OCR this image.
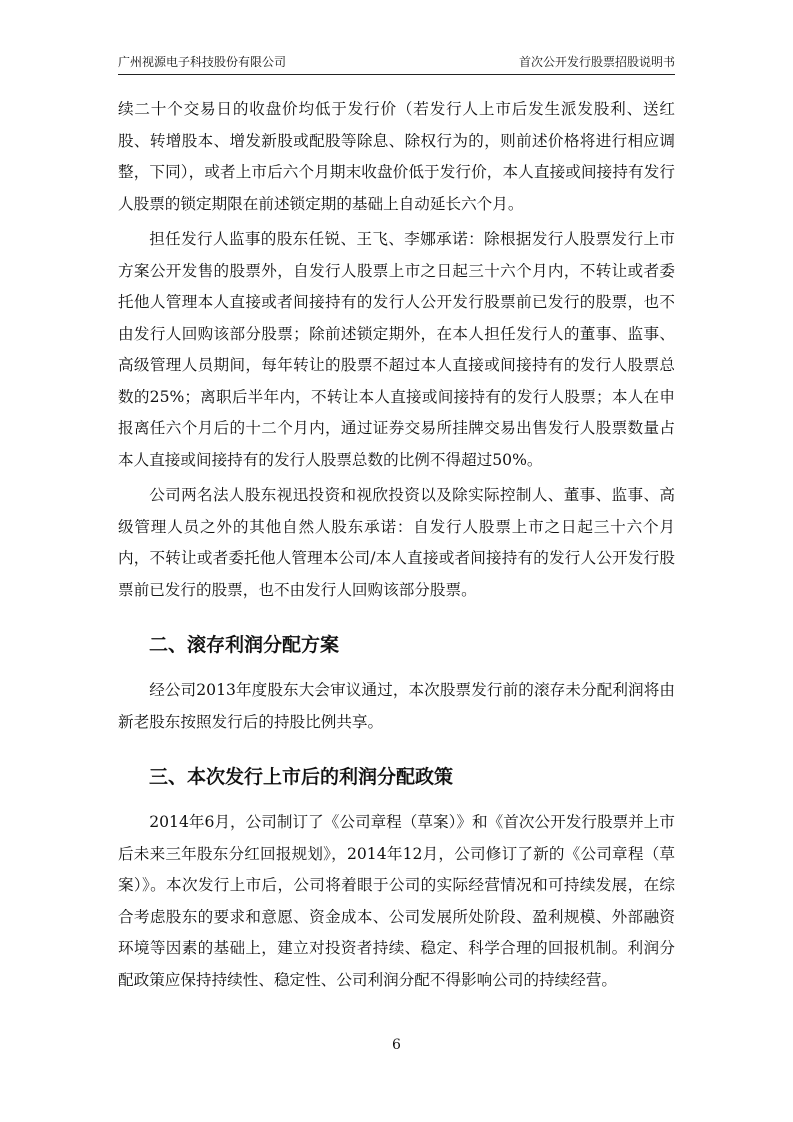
广州视源电子科技股份有限公司	首次公开发行股票招股说明书

续二十个交易日的收盘价均低于发行价（若发行人上市后发生派发股利、送红股、转增股本、增发新股或配股等除息、除权行为的，则前述价格将进行相应调整，下同），或者上市后六个月期末收盘价低于发行价，本人直接或间接持有发行人股票的锁定期限在前述锁定期的基础上自动延长六个月。

担任发行人监事的股东任锐、王飞、李娜承诺：除根据发行人股票发行上市方案公开发售的股票外，自发行人股票上市之日起三十六个月内，不转让或者委托他人管理本人直接或者间接持有的发行人公开发行股票前已发行的股票，也不由发行人回购该部分股票；除前述锁定期外，在本人担任发行人的董事、监事、高级管理人员期间，每年转让的股票不超过本人直接或间接持有的发行人股票总数的25%；离职后半年内，不转让本人直接或间接持有的发行人股票；本人在申报离任六个月后的十二个月内，通过证券交易所挂牌交易出售发行人股票数量占本人直接或间接持有的发行人股票总数的比例不得超过50%。

公司两名法人股东视迅投资和视欣投资以及除实际控制人、董事、监事、高级管理人员之外的其他自然人股东承诺：自发行人股票上市之日起三十六个月内，不转让或者委托他人管理本公司/本人直接或者间接持有的发行人公开发行股票前已发行的股票，也不由发行人回购该部分股票。

二、滚存利润分配方案

经公司2013年度股东大会审议通过，本次股票发行前的滚存未分配利润将由新老股东按照发行后的持股比例共享。

三、本次发行上市后的利润分配政策

2014年6月，公司制订了《公司章程（草案）》和《首次公开发行股票并上市后未来三年股东分红回报规划》，2014年12月，公司修订了新的《公司章程（草案）》。本次发行上市后，公司将着眼于公司的实际经营情况和可持续发展，在综合考虑股东的要求和意愿、资金成本、公司发展所处阶段、盈利规模、外部融资环境等因素的基础上，建立对投资者持续、稳定、科学合理的回报机制。利润分配政策应保持持续性、稳定性、公司利润分配不得影响公司的持续经营。

6
